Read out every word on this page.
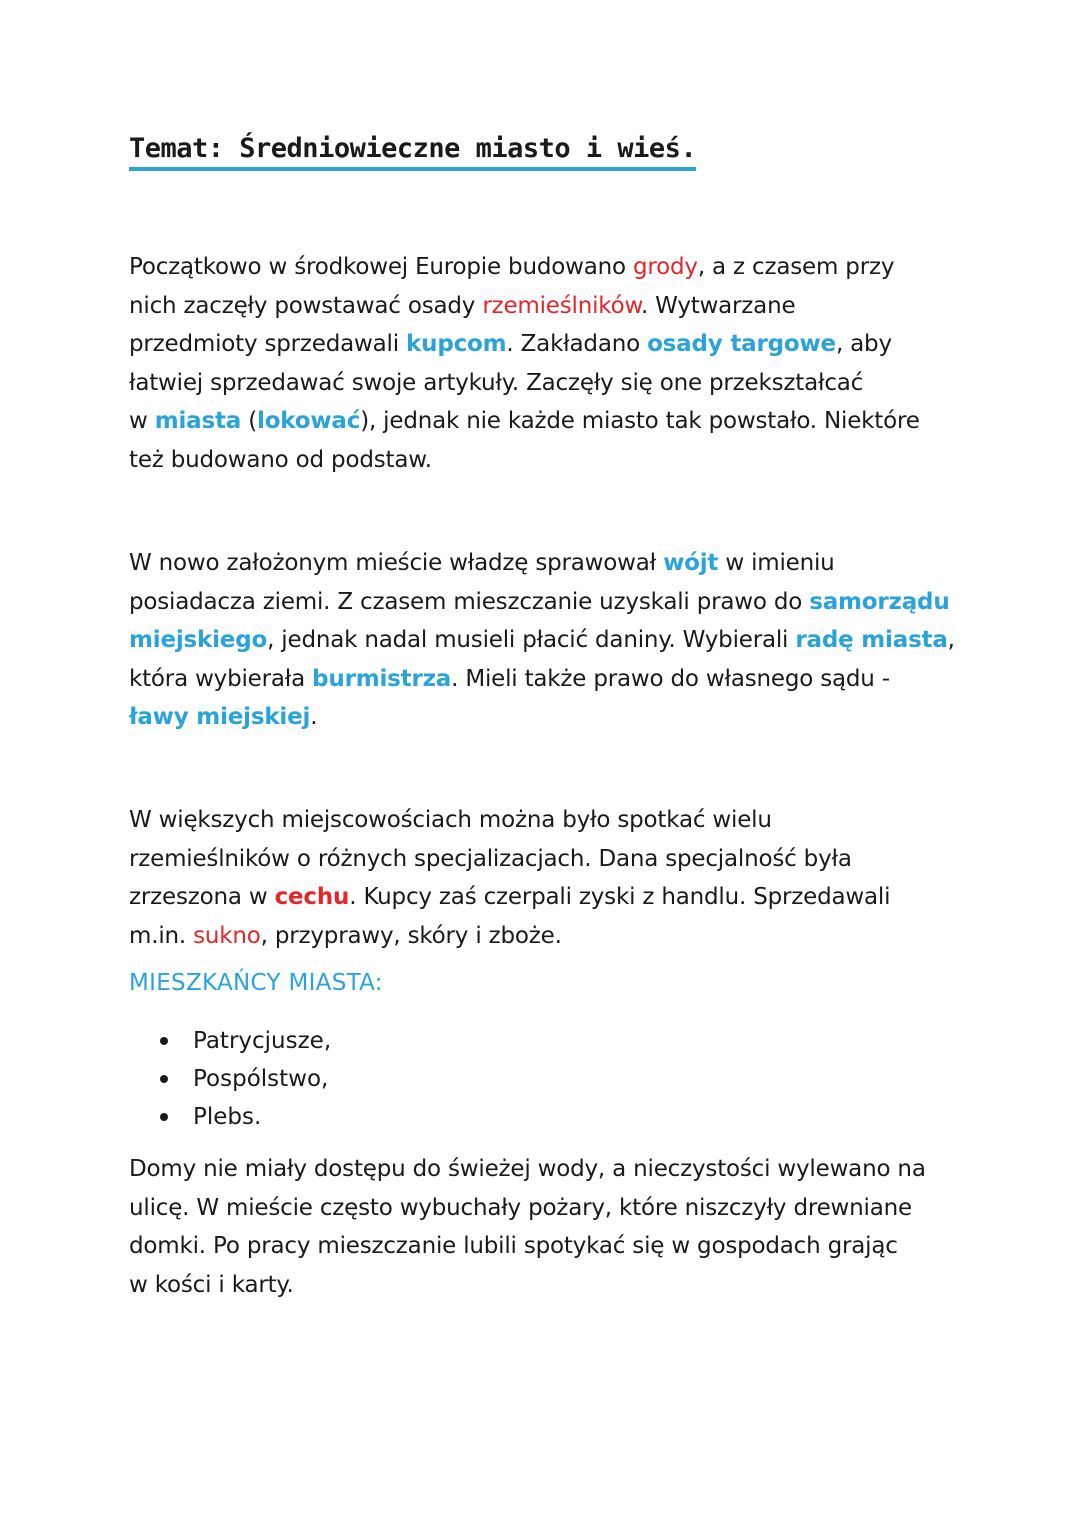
Temat: Średniowieczne miasto i wieś.

Początkowo w środkowej Europie budowano grody, a z czasem przy
nich zaczęły powstawać osady rzemieślników. Wytwarzane
przedmioty sprzedawali kupcom. Zakładano osady targowe, aby
łatwiej sprzedawać swoje artykuły. Zaczęły się one przekształcać
w miasta (lokować), jednak nie każde miasto tak powstało. Niektóre
też budowano od podstaw.

W nowo założonym mieście władzę sprawował wójt w imieniu
posiadacza ziemi. Z czasem mieszczanie uzyskali prawo do samorządu
miejskiego, jednak nadal musieli płacić daniny. Wybierali radę miasta,
która wybierała burmistrza. Mieli także prawo do własnego sądu -
ławy miejskiej.

W większych miejscowościach można było spotkać wielu
rzemieślników o różnych specjalizacjach. Dana specjalność była
zrzeszona w cechu. Kupcy zaś czerpali zyski z handlu. Sprzedawali
m.in. sukno, przyprawy, skóry i zboże.

MIESZKAŃCY MIASTA:
Patrycjusze,
Pospólstwo,
Plebs.

Domy nie miały dostępu do świeżej wody, a nieczystości wylewano na
ulicę. W mieście często wybuchały pożary, które niszczyły drewniane
domki. Po pracy mieszczanie lubili spotykać się w gospodach grając
w kości i karty.
